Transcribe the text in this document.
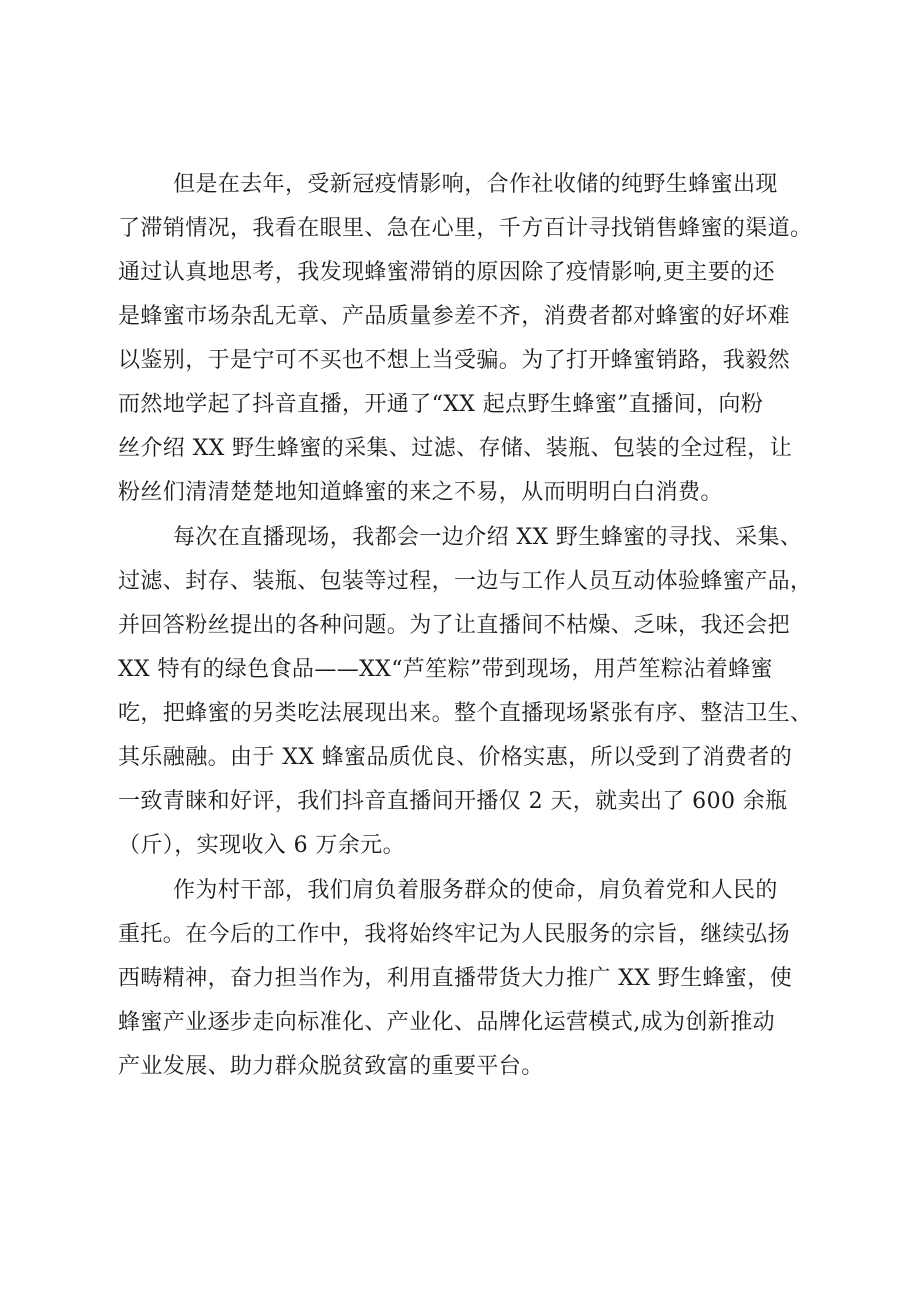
但是在去年，受新冠疫情影响，合作社收储的纯野生蜂蜜出现
了滞销情况，我看在眼里、急在心里，千方百计寻找销售蜂蜜的渠道。
通过认真地思考，我发现蜂蜜滞销的原因除了疫情影响,更主要的还
是蜂蜜市场杂乱无章、产品质量参差不齐，消费者都对蜂蜜的好坏难
以鉴别，于是宁可不买也不想上当受骗。为了打开蜂蜜销路，我毅然
而然地学起了抖音直播，开通了“XX 起点野生蜂蜜”直播间，向粉
丝介绍 XX 野生蜂蜜的采集、过滤、存储、装瓶、包装的全过程，让
粉丝们清清楚楚地知道蜂蜜的来之不易，从而明明白白消费。
每次在直播现场，我都会一边介绍 XX 野生蜂蜜的寻找、采集、
过滤、封存、装瓶、包装等过程，一边与工作人员互动体验蜂蜜产品，
并回答粉丝提出的各种问题。为了让直播间不枯燥、乏味，我还会把
XX 特有的绿色食品——XX“芦笙粽”带到现场，用芦笙粽沾着蜂蜜
吃，把蜂蜜的另类吃法展现出来。整个直播现场紧张有序、整洁卫生、
其乐融融。由于 XX 蜂蜜品质优良、价格实惠，所以受到了消费者的
一致青睐和好评，我们抖音直播间开播仅 2 天，就卖出了 600 余瓶
（斤），实现收入 6 万余元。
作为村干部，我们肩负着服务群众的使命，肩负着党和人民的
重托。在今后的工作中，我将始终牢记为人民服务的宗旨，继续弘扬
西畴精神，奋力担当作为，利用直播带货大力推广 XX 野生蜂蜜，使
蜂蜜产业逐步走向标准化、产业化、品牌化运营模式,成为创新推动
产业发展、助力群众脱贫致富的重要平台。
